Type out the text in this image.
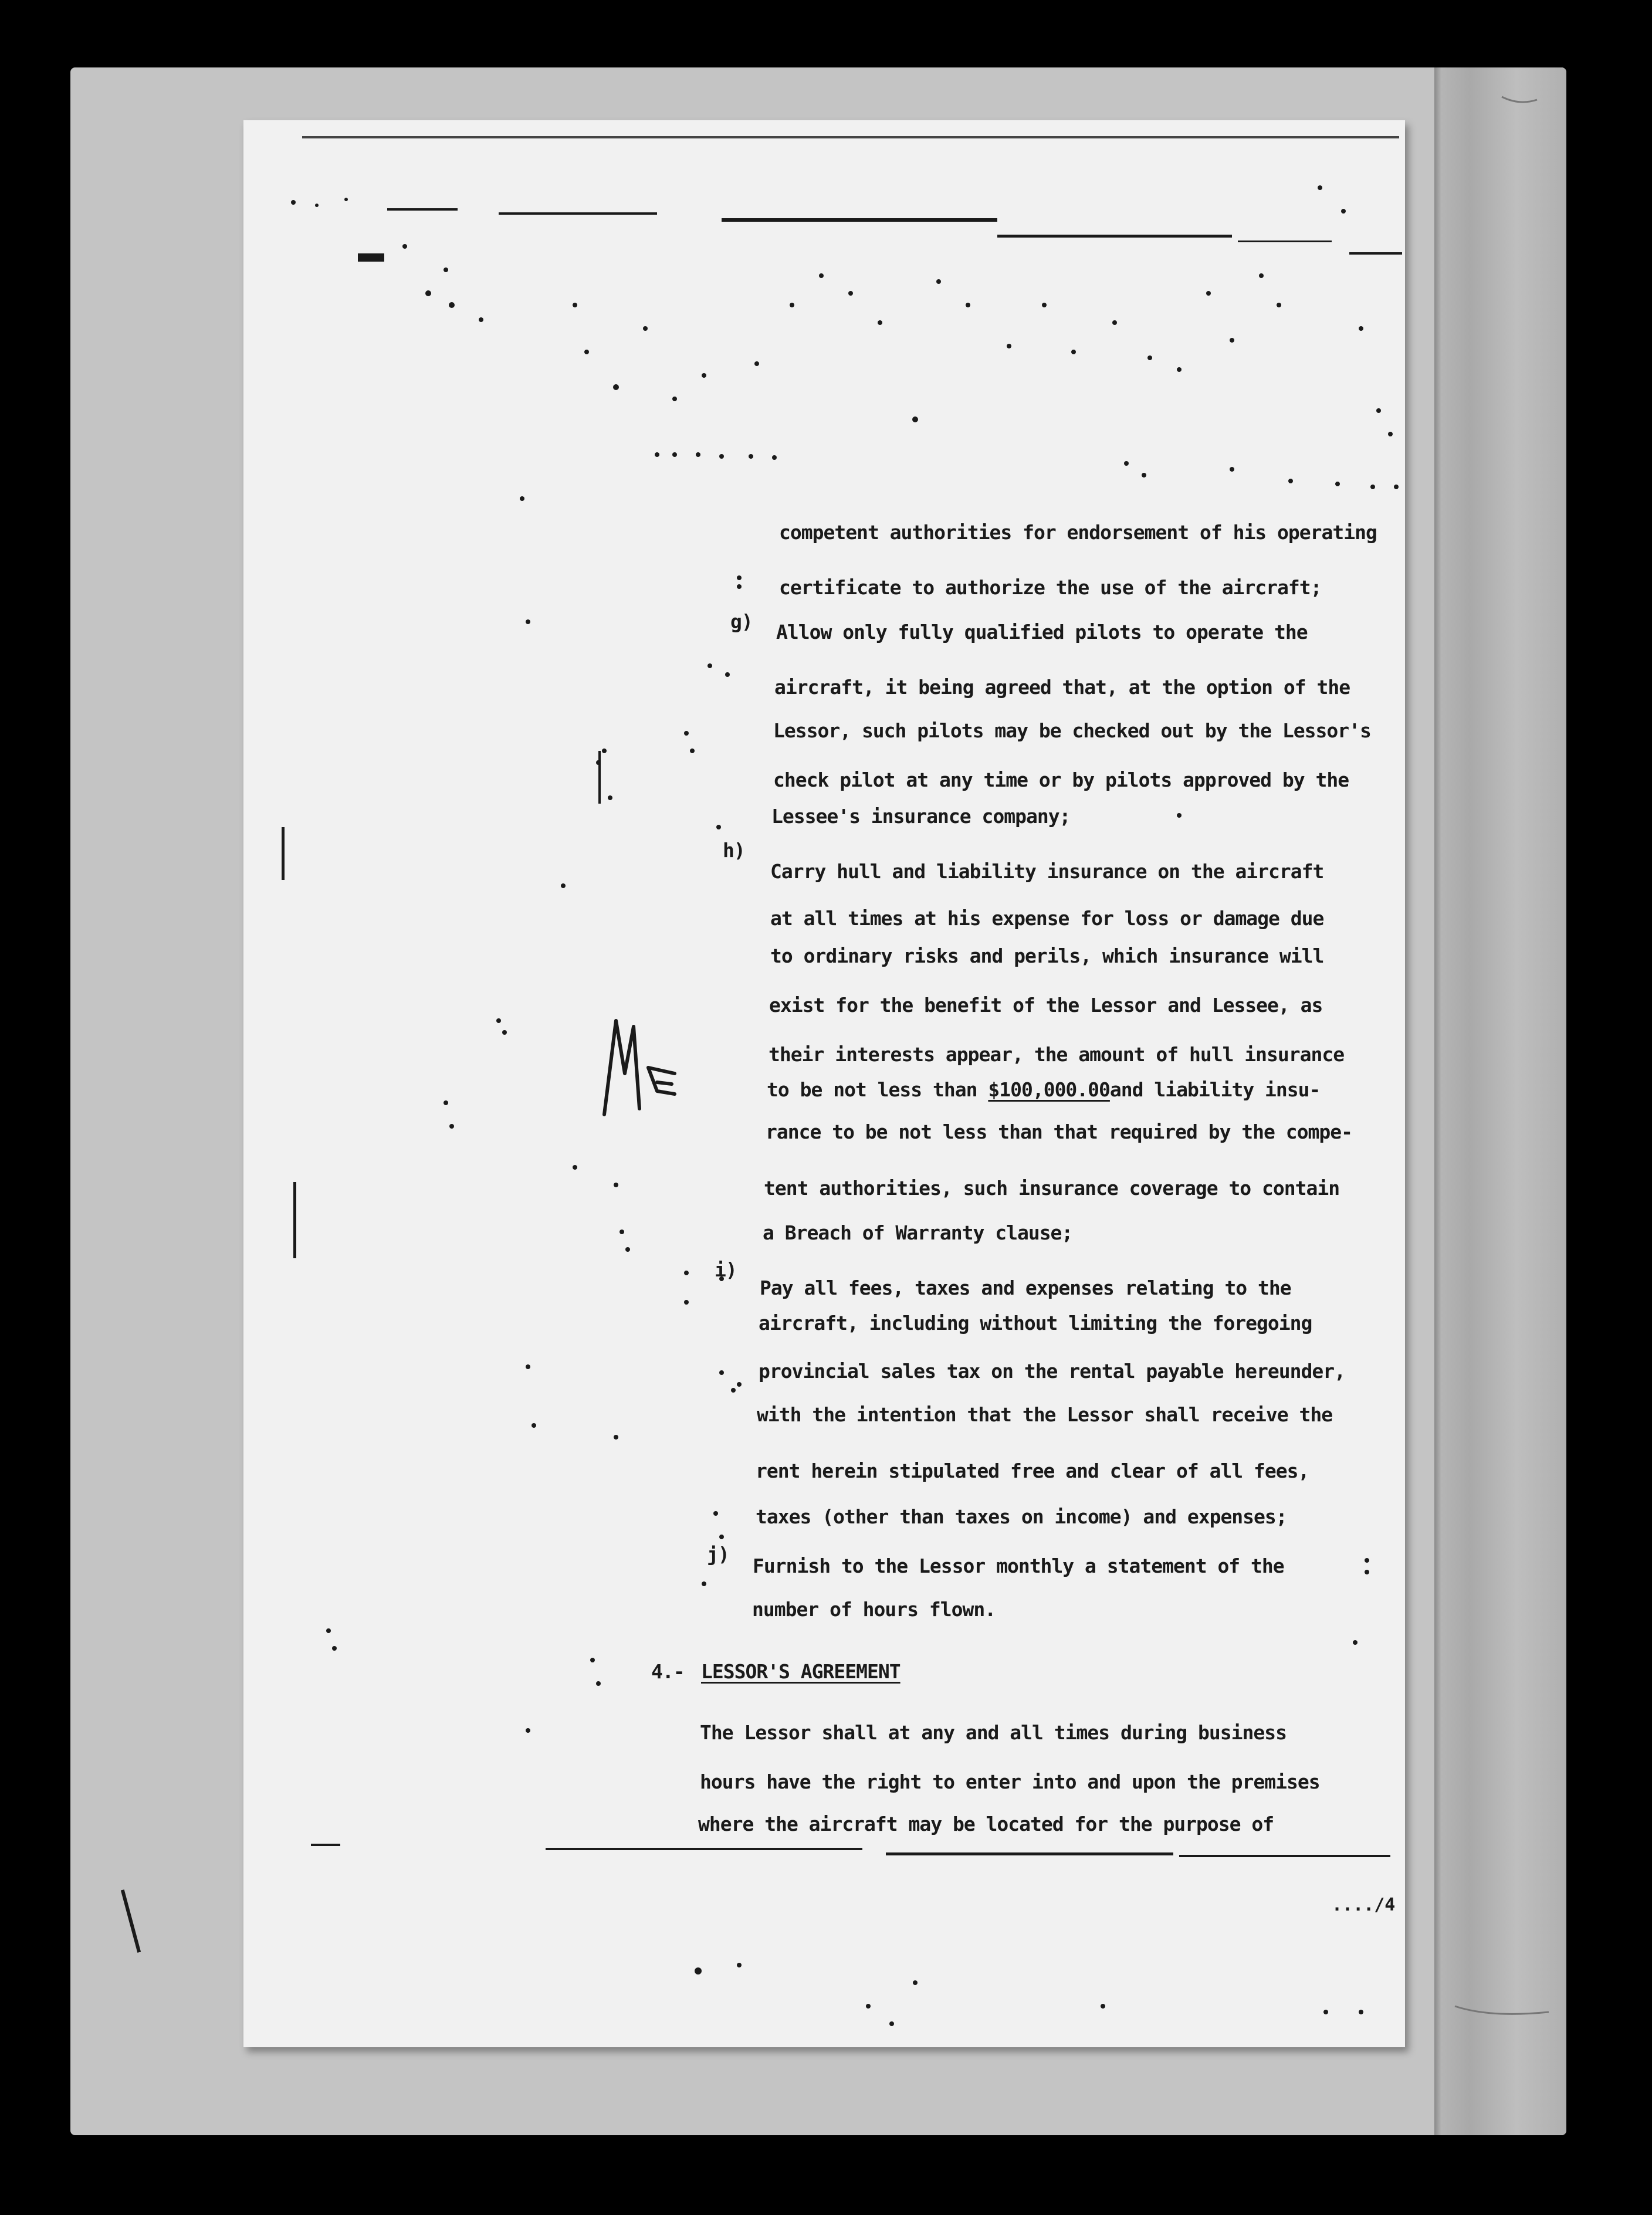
competent authorities for endorsement of his operating
certificate to authorize the use of the aircraft;
g) Allow only fully qualified pilots to operate the
aircraft, it being agreed that, at the option of the
Lessor, such pilots may be checked out by the Lessor's
check pilot at any time or by pilots approved by the
Lessee's insurance company;
h)
Carry hull and liability insurance on the aircraft
at all times at his expense for loss or damage due
to ordinary risks and perils, which insurance will
exist for the benefit of the Lessor and Lessee, as
their interests appear, the amount of hull insurance
to be not less than $100,000.00and liability insu-
rance to be not less than that required by the compe-
tent authorities, such insurance coverage to contain
a Breach of Warranty clause;
i)
Pay all fees, taxes and expenses relating to the
aircraft, including without limiting the foregoing
provincial sales tax on the rental payable hereunder,
with the intention that the Lessor shall receive the
rent herein stipulated free and clear of all fees,
taxes (other than taxes on income) and expenses;
j)
Furnish to the Lessor monthly a statement of the
number of hours flown.
4.- LESSOR'S AGREEMENT
The Lessor shall at any and all times during business
hours have the right to enter into and upon the premises
where the aircraft may be located for the purpose of
..../4
